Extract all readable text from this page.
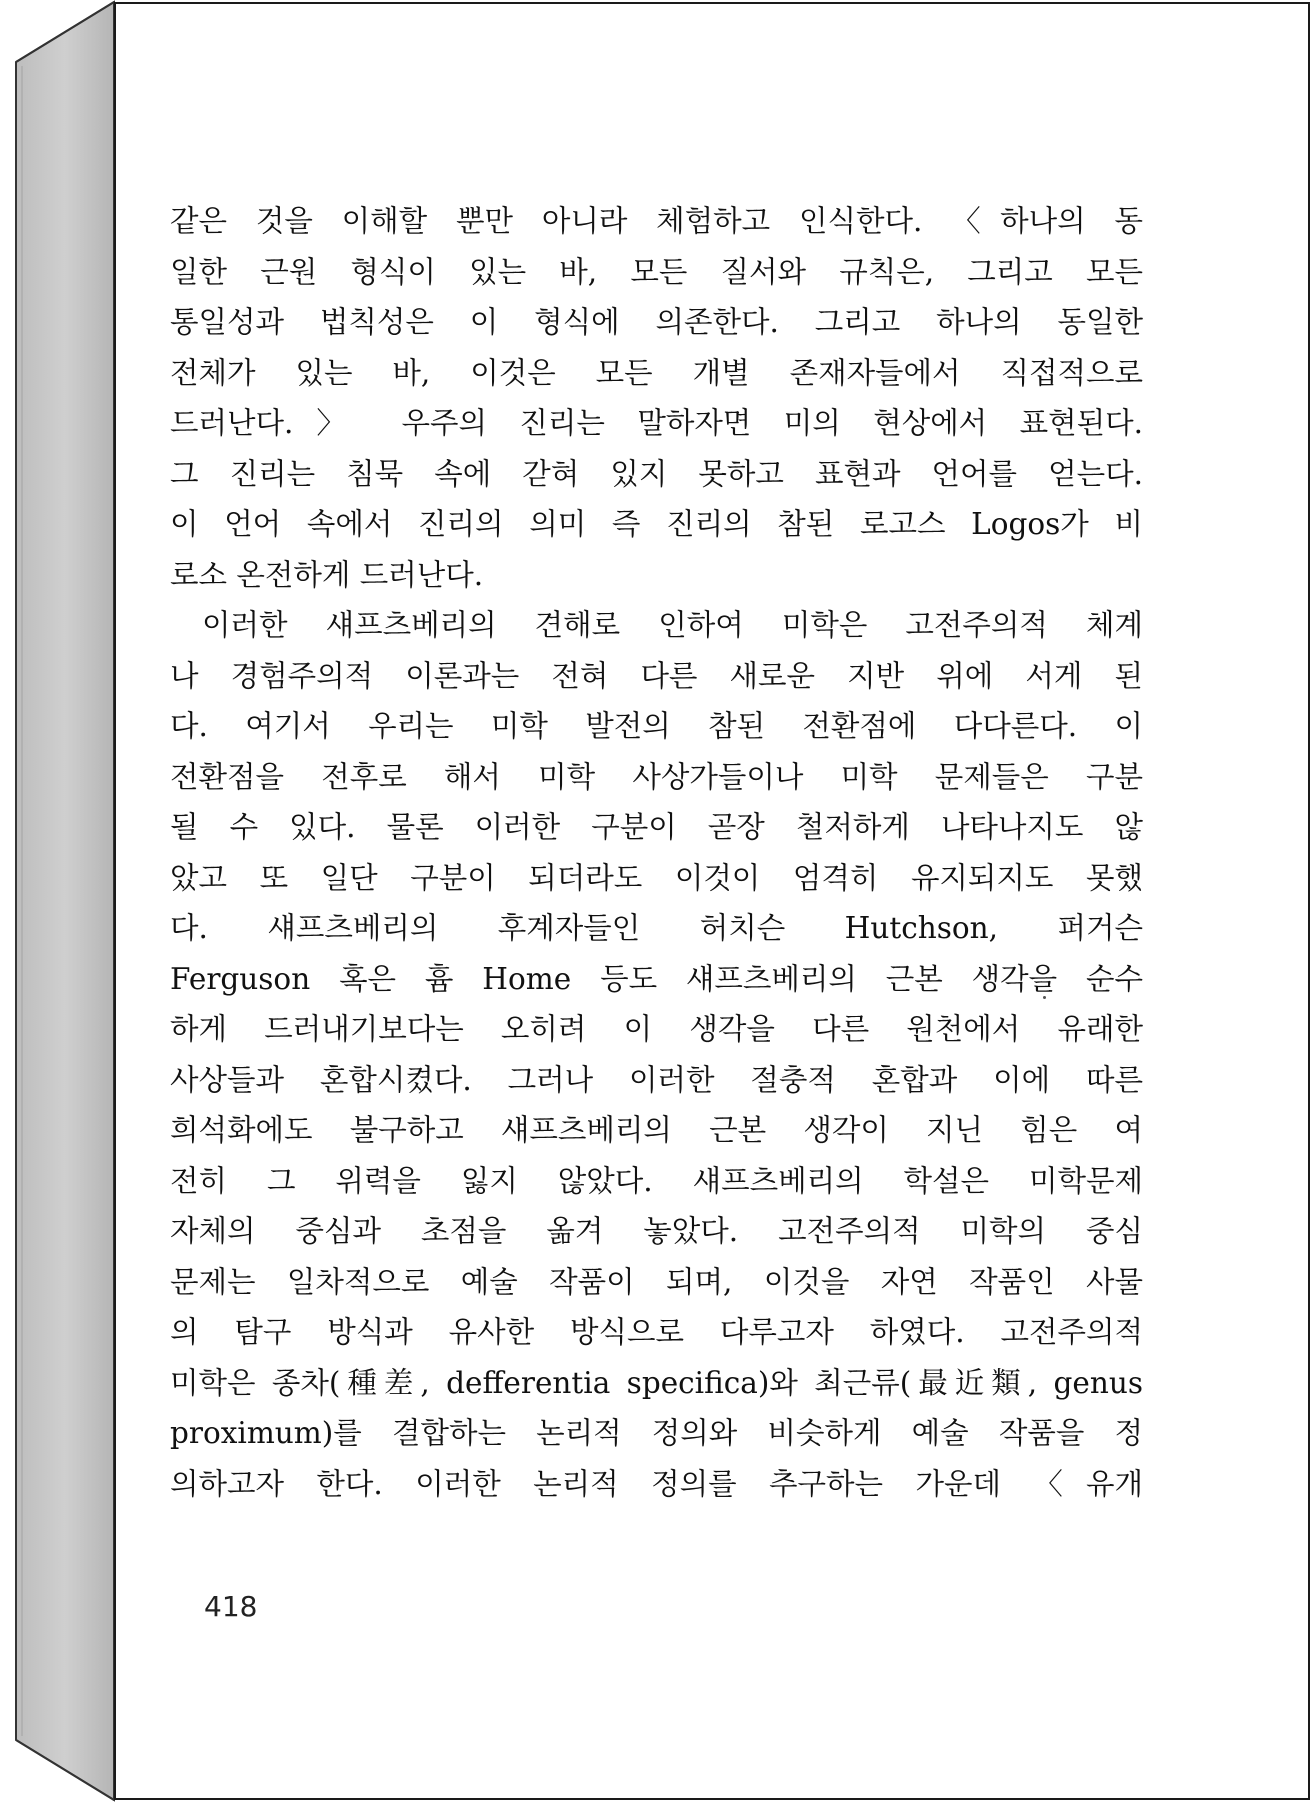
같은 것을 이해할 뿐만 아니라 체험하고 인식한다. 〈하나의 동
일한 근원 형식이 있는 바, 모든 질서와 규칙은, 그리고 모든
통일성과 법칙성은 이 형식에 의존한다. 그리고 하나의 동일한
전체가 있는 바, 이것은 모든 개별 존재자들에서 직접적으로
드러난다.〉 우주의 진리는 말하자면 미의 현상에서 표현된다.
그 진리는 침묵 속에 갇혀 있지 못하고 표현과 언어를 얻는다.
이 언어 속에서 진리의 의미 즉 진리의 참된 로고스 Logos가 비
로소 온전하게 드러난다.
이러한 섀프츠베리의 견해로 인하여 미학은 고전주의적 체계
나 경험주의적 이론과는 전혀 다른 새로운 지반 위에 서게 된
다. 여기서 우리는 미학 발전의 참된 전환점에 다다른다. 이
전환점을 전후로 해서 미학 사상가들이나 미학 문제들은 구분
될 수 있다. 물론 이러한 구분이 곧장 철저하게 나타나지도 않
았고 또 일단 구분이 되더라도 이것이 엄격히 유지되지도 못했
다. 섀프츠베리의 후계자들인 허치슨 Hutchson, 퍼거슨
Ferguson 혹은 흄 Home 등도 섀프츠베리의 근본 생각을 순수
하게 드러내기보다는 오히려 이 생각을 다른 원천에서 유래한
사상들과 혼합시켰다. 그러나 이러한 절충적 혼합과 이에 따른
희석화에도 불구하고 섀프츠베리의 근본 생각이 지닌 힘은 여
전히 그 위력을 잃지 않았다. 섀프츠베리의 학설은 미학문제
자체의 중심과 초점을 옮겨 놓았다. 고전주의적 미학의 중심
문제는 일차적으로 예술 작품이 되며, 이것을 자연 작품인 사물
의 탐구 방식과 유사한 방식으로 다루고자 하였다. 고전주의적
미학은 종차(種差, defferentia specifica)와 최근류(最近類, genus
proximum)를 결합하는 논리적 정의와 비슷하게 예술 작품을 정
의하고자 한다. 이러한 논리적 정의를 추구하는 가운데 〈유개
418
